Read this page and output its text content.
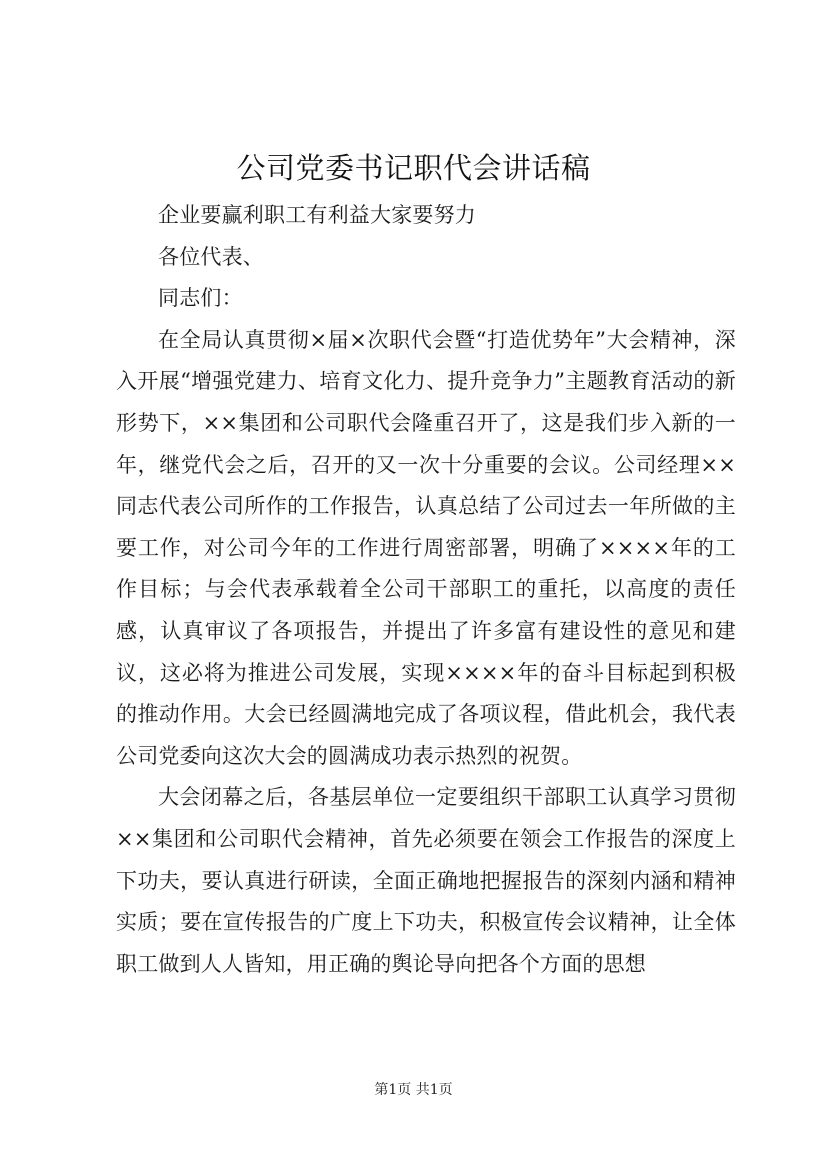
公司党委书记职代会讲话稿

企业要赢利职工有利益大家要努力

各位代表、

同志们：

在全局认真贯彻×届×次职代会暨“打造优势年”大会精神，深入开展“增强党建力、培育文化力、提升竞争力”主题教育活动的新形势下，××集团和公司职代会隆重召开了，这是我们步入新的一年，继党代会之后，召开的又一次十分重要的会议。公司经理××同志代表公司所作的工作报告，认真总结了公司过去一年所做的主要工作，对公司今年的工作进行周密部署，明确了××××年的工作目标；与会代表承载着全公司干部职工的重托，以高度的责任感，认真审议了各项报告，并提出了许多富有建设性的意见和建议，这必将为推进公司发展，实现××××年的奋斗目标起到积极的推动作用。大会已经圆满地完成了各项议程，借此机会，我代表公司党委向这次大会的圆满成功表示热烈的祝贺。

大会闭幕之后，各基层单位一定要组织干部职工认真学习贯彻××集团和公司职代会精神，首先必须要在领会工作报告的深度上下功夫，要认真进行研读，全面正确地把握报告的深刻内涵和精神实质；要在宣传报告的广度上下功夫，积极宣传会议精神，让全体职工做到人人皆知，用正确的舆论导向把各个方面的思想

第1页 共1页
